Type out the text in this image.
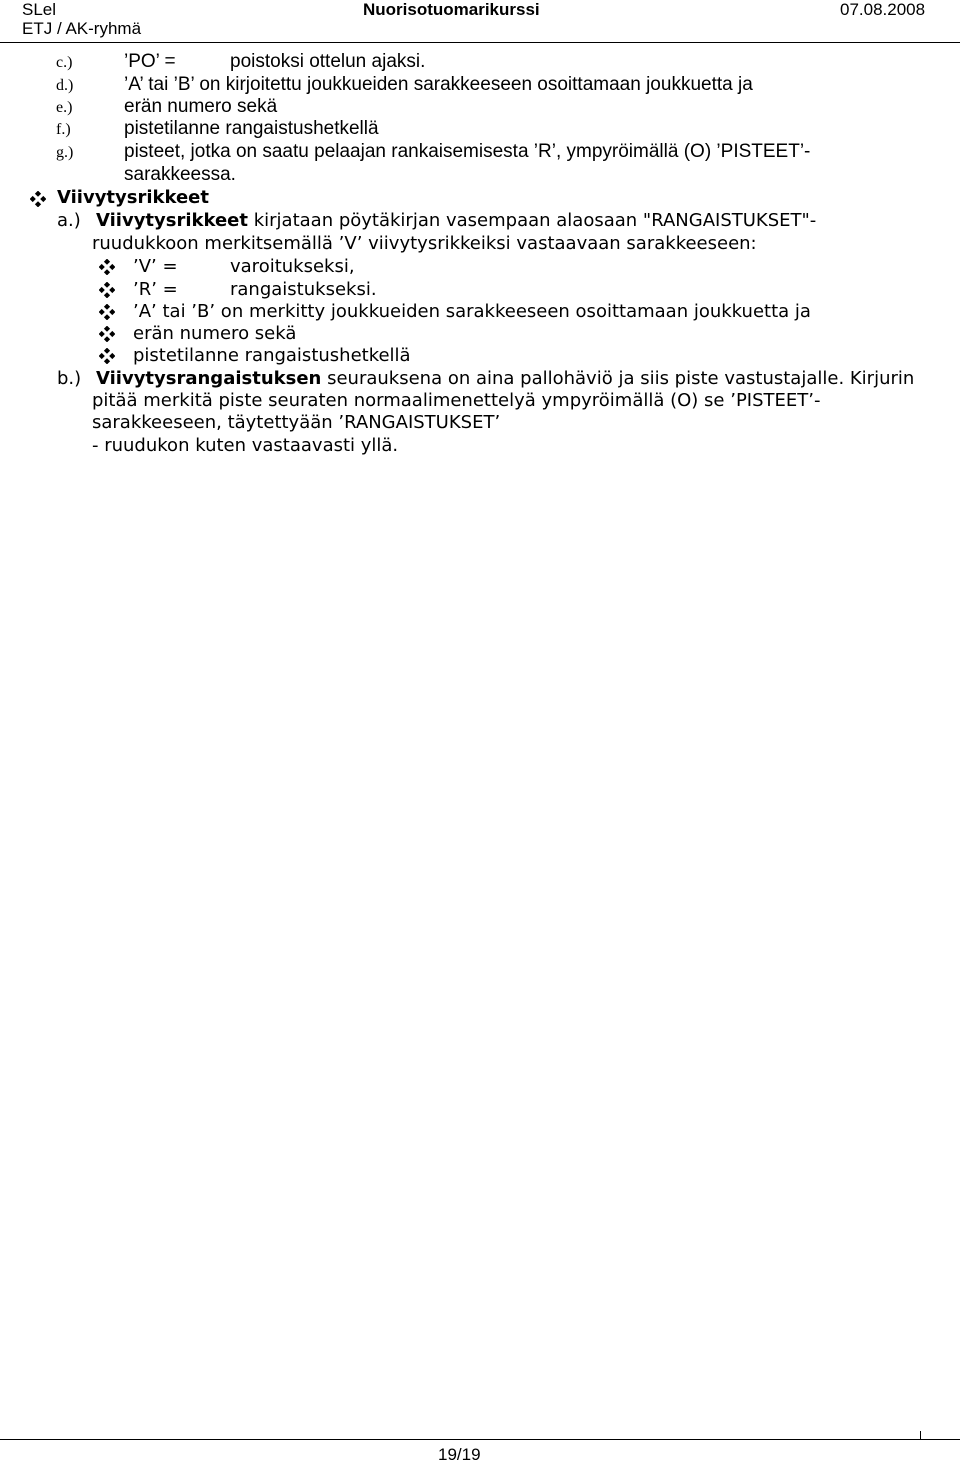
SLel
ETJ / AK-ryhmä
Nuorisotuomarikurssi	07.08.2008
c.)	’PO’ =	poistoksi ottelun ajaksi.
d.)	’A’ tai ’B’ on kirjoitettu joukkueiden sarakkeeseen osoittamaan joukkuetta ja
e.)	erän numero sekä
f.)	pistetilanne rangaistushetkellä
g.)	pisteet, jotka on saatu pelaajan rankaisemisesta ’R’, ympyröimällä (O) ’PISTEET’-
sarakkeessa.
Viivytysrikkeet
a.) Viivytysrikkeet kirjataan pöytäkirjan vasempaan alaosaan "RANGAISTUKSET"-
ruudukkoon merkitsemällä ’V’ viivytysrikkeiksi vastaavaan sarakkeeseen:
’V’ =	varoitukseksi,
’R’ =	rangaistukseksi.
’A’ tai ’B’ on merkitty joukkueiden sarakkeeseen osoittamaan joukkuetta ja
erän numero sekä
pistetilanne rangaistushetkellä
b.) Viivytysrangaistuksen seurauksena on aina pallohäviö ja siis piste vastustajalle. Kirjurin
pitää merkitä piste seuraten normaalimenettelyä ympyröimällä (O) se ’PISTEET’-
sarakkeeseen, täytettyään ’RANGAISTUKSET’
- ruudukon kuten vastaavasti yllä.
19/19
